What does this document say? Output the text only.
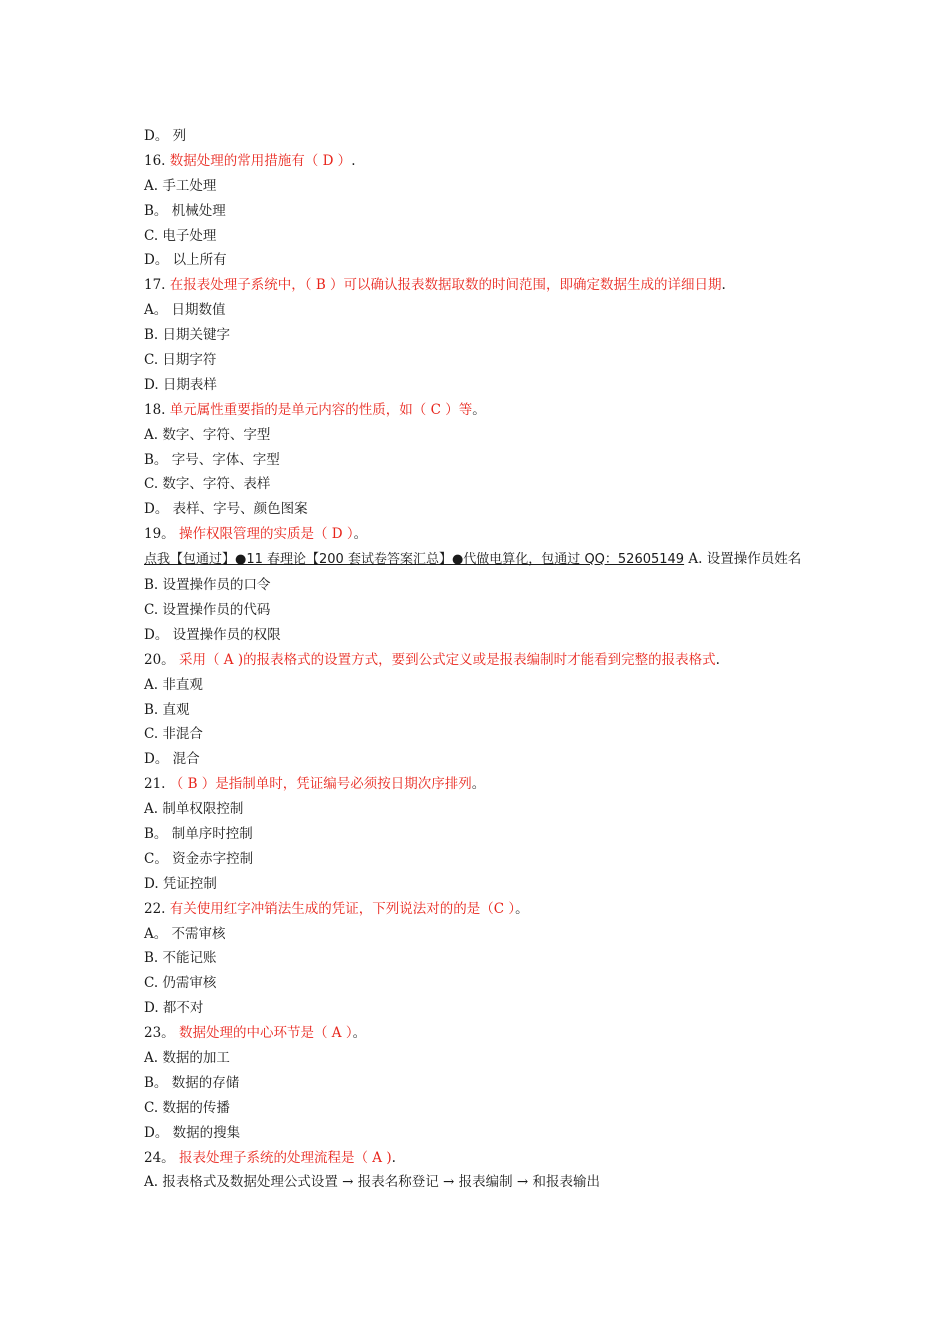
D。 列
16. 数据处理的常用措施有（ D ）.
A. 手工处理
B。 机械处理
C. 电子处理
D。 以上所有
17. 在报表处理子系统中，（ B ）可以确认报表数据取数的时间范围，即确定数据生成的详细日期.
A。 日期数值
B. 日期关键字
C. 日期字符
D. 日期表样
18. 单元属性重要指的是单元内容的性质，如（ C ）等。
A. 数字、字符、字型
B。 字号、字体、字型
C. 数字、字符、表样
D。 表样、字号、颜色图案
19。 操作权限管理的实质是（ D ）。
点我【包通过】●11 春理论【200 套试卷答案汇总】●代做电算化，包通过 QQ：52605149 A. 设置操作员姓名
B. 设置操作员的口令
C. 设置操作员的代码
D。 设置操作员的权限
20。 采用（ A )的报表格式的设置方式，要到公式定义或是报表编制时才能看到完整的报表格式.
A. 非直观
B. 直观
C. 非混合
D。 混合
21. （ B ）是指制单时，凭证编号必须按日期次序排列。
A. 制单权限控制
B。 制单序时控制
C。 资金赤字控制
D. 凭证控制
22. 有关使用红字冲销法生成的凭证，下列说法对的的是（C ）。
A。 不需审核
B. 不能记账
C. 仍需审核
D. 都不对
23。 数据处理的中心环节是（ A ）。
A. 数据的加工
B。 数据的存储
C. 数据的传播
D。 数据的搜集
24。 报表处理子系统的处理流程是（ A ).
A. 报表格式及数据处理公式设置 → 报表名称登记 → 报表编制 → 和报表输出
